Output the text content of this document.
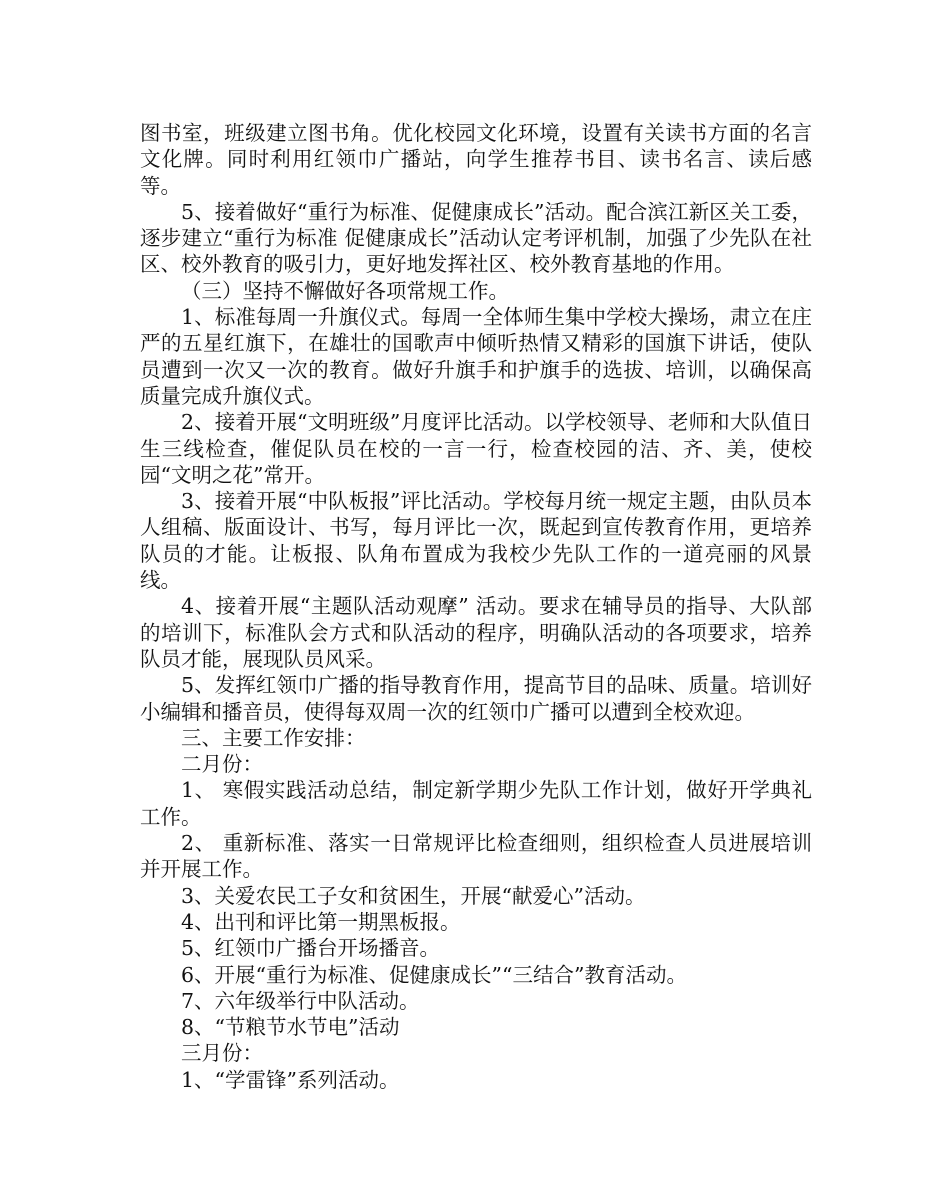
图书室，班级建立图书角。优化校园文化环境，设置有关读书方面的名言文化牌。同时利用红领巾广播站，向学生推荐书目、读书名言、读后感等。

5、接着做好“重行为标准、促健康成长”活动。配合滨江新区关工委，逐步建立“重行为标准 促健康成长”活动认定考评机制，加强了少先队在社区、校外教育的吸引力，更好地发挥社区、校外教育基地的作用。

（三）坚持不懈做好各项常规工作。

1、标准每周一升旗仪式。每周一全体师生集中学校大操场，肃立在庄严的五星红旗下，在雄壮的国歌声中倾听热情又精彩的国旗下讲话，使队员遭到一次又一次的教育。做好升旗手和护旗手的选拔、培训，以确保高质量完成升旗仪式。

2、接着开展“文明班级”月度评比活动。以学校领导、老师和大队值日生三线检查，催促队员在校的一言一行，检查校园的洁、齐、美，使校园“文明之花”常开。

3、接着开展“中队板报”评比活动。学校每月统一规定主题，由队员本人组稿、版面设计、书写，每月评比一次，既起到宣传教育作用，更培养队员的才能。让板报、队角布置成为我校少先队工作的一道亮丽的风景线。

4、接着开展“主题队活动观摩” 活动。要求在辅导员的指导、大队部的培训下，标准队会方式和队活动的程序，明确队活动的各项要求，培养队员才能，展现队员风采。

5、发挥红领巾广播的指导教育作用，提高节目的品味、质量。培训好小编辑和播音员，使得每双周一次的红领巾广播可以遭到全校欢迎。

三、主要工作安排：

二月份：

1、 寒假实践活动总结，制定新学期少先队工作计划，做好开学典礼工作。

2、 重新标准、落实一日常规评比检查细则，组织检查人员进展培训并开展工作。

3、关爱农民工子女和贫困生，开展“献爱心”活动。

4、出刊和评比第一期黑板报。

5、红领巾广播台开场播音。

6、开展“重行为标准、促健康成长”“三结合”教育活动。

7、六年级举行中队活动。

8、“节粮节水节电”活动

三月份：

1、“学雷锋”系列活动。
